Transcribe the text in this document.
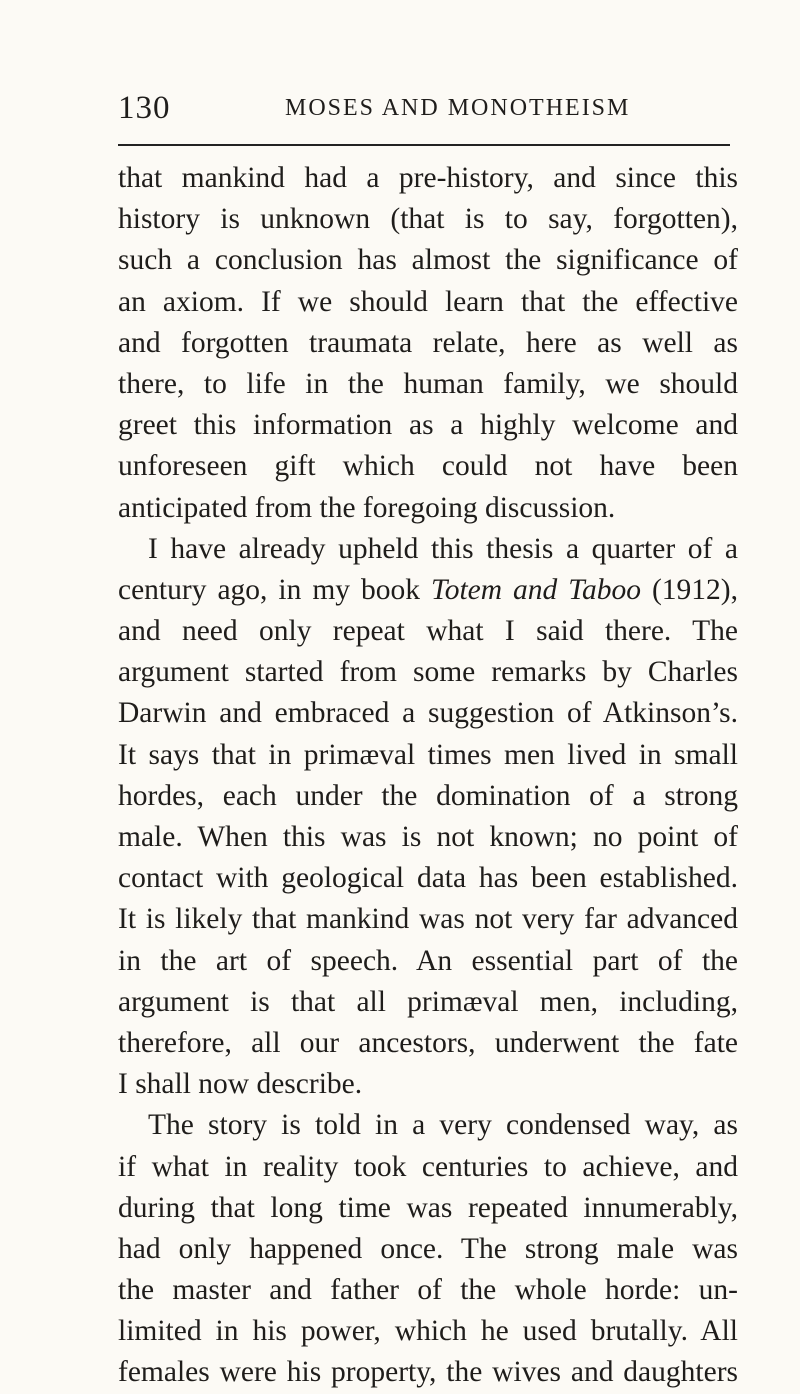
130	MOSES AND MONOTHEISM
that mankind had a pre-history, and since this
history is unknown (that is to say, forgotten),
such a conclusion has almost the significance of
an axiom. If we should learn that the effective
and forgotten traumata relate, here as well as
there, to life in the human family, we should
greet this information as a highly welcome and
unforeseen gift which could not have been
anticipated from the foregoing discussion.
I have already upheld this thesis a quarter of a
century ago, in my book Totem and Taboo (1912),
and need only repeat what I said there. The
argument started from some remarks by Charles
Darwin and embraced a suggestion of Atkinson’s.
It says that in primæval times men lived in small
hordes, each under the domination of a strong
male. When this was is not known; no point of
contact with geological data has been established.
It is likely that mankind was not very far advanced
in the art of speech. An essential part of the
argument is that all primæval men, including,
therefore, all our ancestors, underwent the fate
I shall now describe.
The story is told in a very condensed way, as
if what in reality took centuries to achieve, and
during that long time was repeated innumerably,
had only happened once. The strong male was
the master and father of the whole horde: un-
limited in his power, which he used brutally. All
females were his property, the wives and daughters
